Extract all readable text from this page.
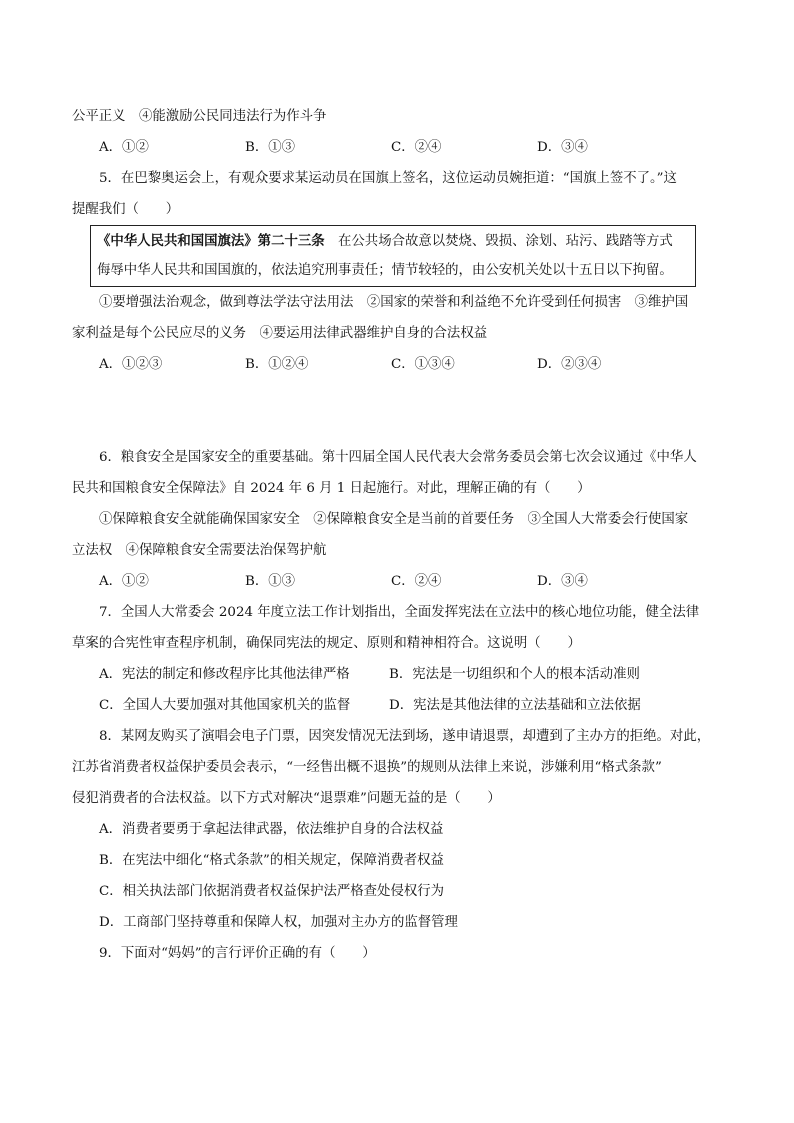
公平正义　④能激励公民同违法行为作斗争
A．①②	B．①③	C．②④	D．③④
5．在巴黎奥运会上，有观众要求某运动员在国旗上签名，这位运动员婉拒道：“国旗上签不了。”这
提醒我们（　　）
《中华人民共和国国旗法》第二十三条　在公共场合故意以焚烧、毁损、涂划、玷污、践踏等方式
侮辱中华人民共和国国旗的，依法追究刑事责任；情节较轻的，由公安机关处以十五日以下拘留。
①要增强法治观念，做到尊法学法守法用法　②国家的荣誉和利益绝不允许受到任何损害　③维护国
家利益是每个公民应尽的义务　④要运用法律武器维护自身的合法权益
A．①②③	B．①②④	C．①③④	D．②③④
6．粮食安全是国家安全的重要基础。第十四届全国人民代表大会常务委员会第七次会议通过《中华人
民共和国粮食安全保障法》自 2024 年 6 月 1 日起施行。对此，理解正确的有（　　）
①保障粮食安全就能确保国家安全　②保障粮食安全是当前的首要任务　③全国人大常委会行使国家
立法权　④保障粮食安全需要法治保驾护航
A．①②	B．①③	C．②④	D．③④
7．全国人大常委会 2024 年度立法工作计划指出，全面发挥宪法在立法中的核心地位功能，健全法律
草案的合宪性审查程序机制，确保同宪法的规定、原则和精神相符合。这说明（　　）
A．宪法的制定和修改程序比其他法律严格	B．宪法是一切组织和个人的根本活动准则
C．全国人大要加强对其他国家机关的监督	D．宪法是其他法律的立法基础和立法依据
8．某网友购买了演唱会电子门票，因突发情况无法到场，遂申请退票，却遭到了主办方的拒绝。对此，
江苏省消费者权益保护委员会表示，“一经售出概不退换”的规则从法律上来说，涉嫌利用“格式条款”
侵犯消费者的合法权益。以下方式对解决“退票难”问题无益的是（　　）
A．消费者要勇于拿起法律武器，依法维护自身的合法权益
B．在宪法中细化“格式条款”的相关规定，保障消费者权益
C．相关执法部门依据消费者权益保护法严格查处侵权行为
D．工商部门坚持尊重和保障人权，加强对主办方的监督管理
9．下面对“妈妈”的言行评价正确的有（　　）
